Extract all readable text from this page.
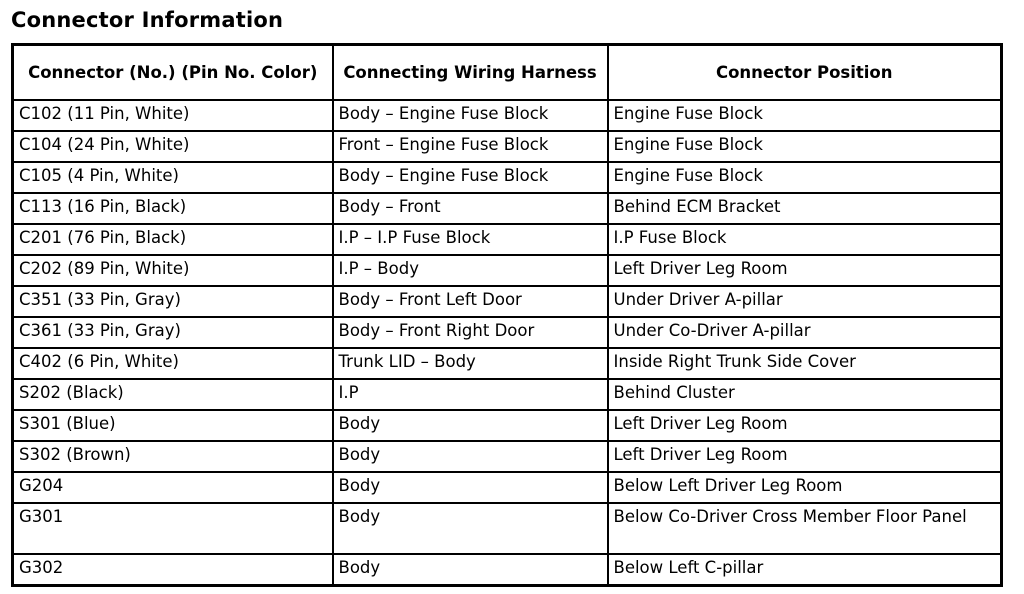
Connector Information
Connector (No.) (Pin No. Color)	Connecting Wiring Harness	Connector Position
C102 (11 Pin, White)	Body – Engine Fuse Block	Engine Fuse Block
C104 (24 Pin, White)	Front – Engine Fuse Block	Engine Fuse Block
C105 (4 Pin, White)	Body – Engine Fuse Block	Engine Fuse Block
C113 (16 Pin, Black)	Body – Front	Behind ECM Bracket
C201 (76 Pin, Black)	I.P – I.P Fuse Block	I.P Fuse Block
C202 (89 Pin, White)	I.P – Body	Left Driver Leg Room
C351 (33 Pin, Gray)	Body – Front Left Door	Under Driver A-pillar
C361 (33 Pin, Gray)	Body – Front Right Door	Under Co-Driver A-pillar
C402 (6 Pin, White)	Trunk LID – Body	Inside Right Trunk Side Cover
S202 (Black)	I.P	Behind Cluster
S301 (Blue)	Body	Left Driver Leg Room
S302 (Brown)	Body	Left Driver Leg Room
G204	Body	Below Left Driver Leg Room
G301	Body	Below Co-Driver Cross Member Floor Panel
G302	Body	Below Left C-pillar
